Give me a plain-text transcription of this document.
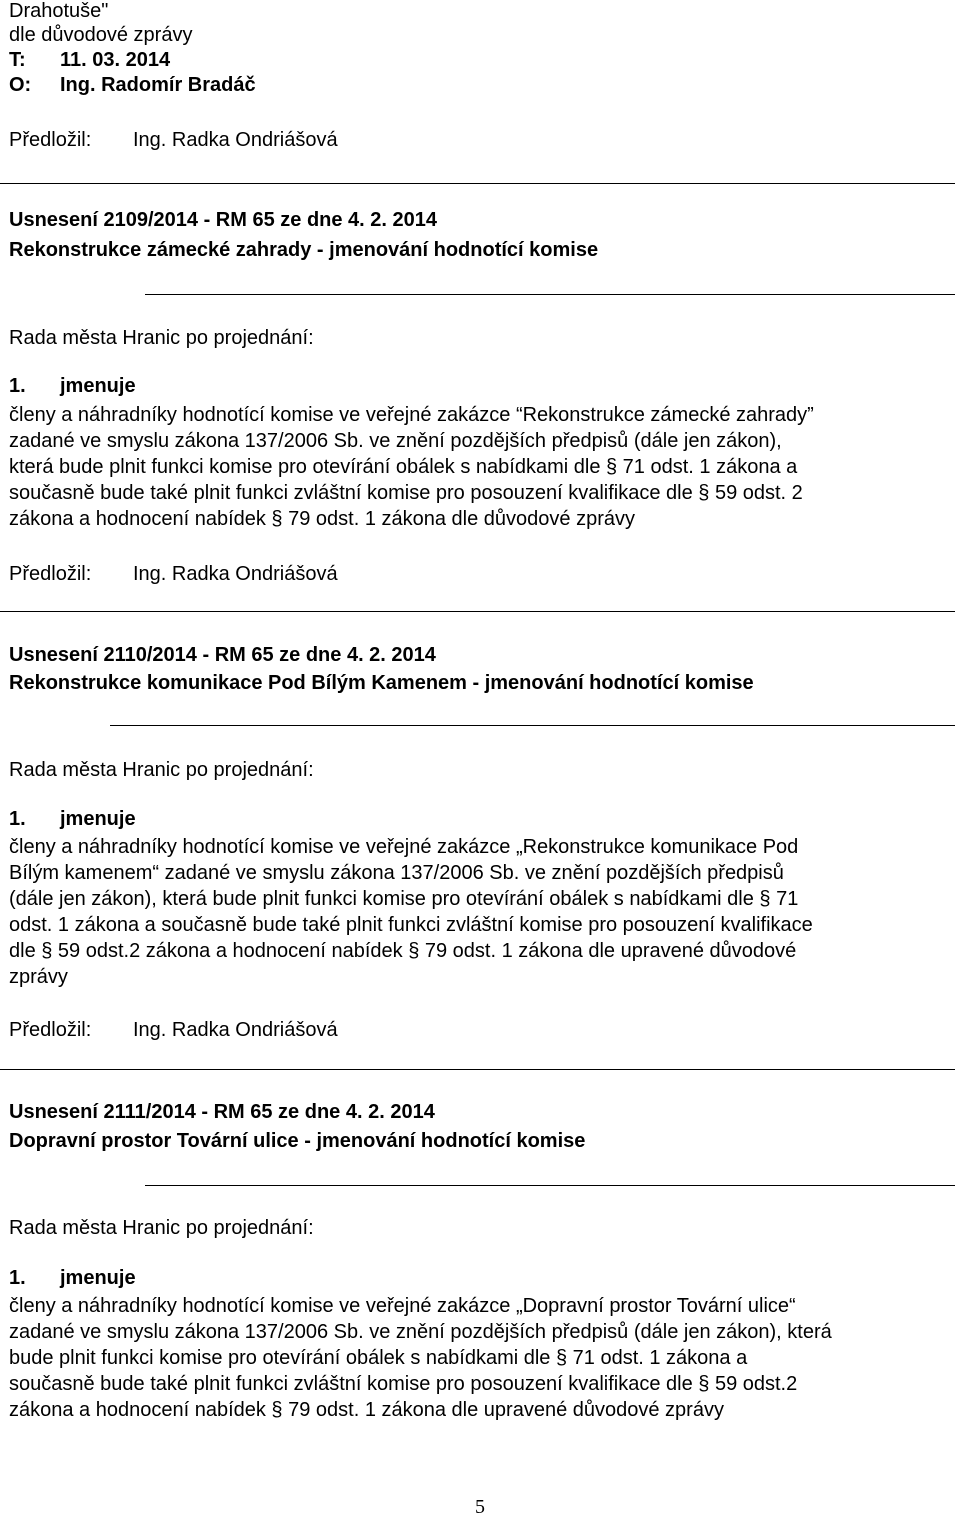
Drahotuše"
dle důvodové zprávy
T: 11. 03. 2014
O: Ing. Radomír Bradáč
Předložil: Ing. Radka Ondriášová
Usnesení 2109/2014 - RM 65 ze dne 4. 2. 2014
Rekonstrukce zámecké zahrady - jmenování hodnotící komise
Rada města Hranic po projednání:
1. jmenuje
členy a náhradníky hodnotící komise ve veřejné zakázce “Rekonstrukce zámecké zahrady”
zadané ve smyslu zákona 137/2006 Sb. ve znění pozdějších předpisů (dále jen zákon),
která bude plnit funkci komise pro otevírání obálek s nabídkami dle § 71 odst. 1 zákona a
současně bude také plnit funkci zvláštní komise pro posouzení kvalifikace dle § 59 odst. 2
zákona a hodnocení nabídek § 79 odst. 1 zákona dle důvodové zprávy
Předložil: Ing. Radka Ondriášová
Usnesení 2110/2014 - RM 65 ze dne 4. 2. 2014
Rekonstrukce komunikace Pod Bílým Kamenem - jmenování hodnotící komise
Rada města Hranic po projednání:
1. jmenuje
členy a náhradníky hodnotící komise ve veřejné zakázce „Rekonstrukce komunikace Pod
Bílým kamenem“ zadané ve smyslu zákona 137/2006 Sb. ve znění pozdějších předpisů
(dále jen zákon), která bude plnit funkci komise pro otevírání obálek s nabídkami dle § 71
odst. 1 zákona a současně bude také plnit funkci zvláštní komise pro posouzení kvalifikace
dle § 59 odst.2 zákona a hodnocení nabídek § 79 odst. 1 zákona dle upravené důvodové
zprávy
Předložil: Ing. Radka Ondriášová
Usnesení 2111/2014 - RM 65 ze dne 4. 2. 2014
Dopravní prostor Tovární ulice - jmenování hodnotící komise
Rada města Hranic po projednání:
1. jmenuje
členy a náhradníky hodnotící komise ve veřejné zakázce „Dopravní prostor Tovární ulice“
zadané ve smyslu zákona 137/2006 Sb. ve znění pozdějších předpisů (dále jen zákon), která
bude plnit funkci komise pro otevírání obálek s nabídkami dle § 71 odst. 1 zákona a
současně bude také plnit funkci zvláštní komise pro posouzení kvalifikace dle § 59 odst.2
zákona a hodnocení nabídek § 79 odst. 1 zákona dle upravené důvodové zprávy
5
